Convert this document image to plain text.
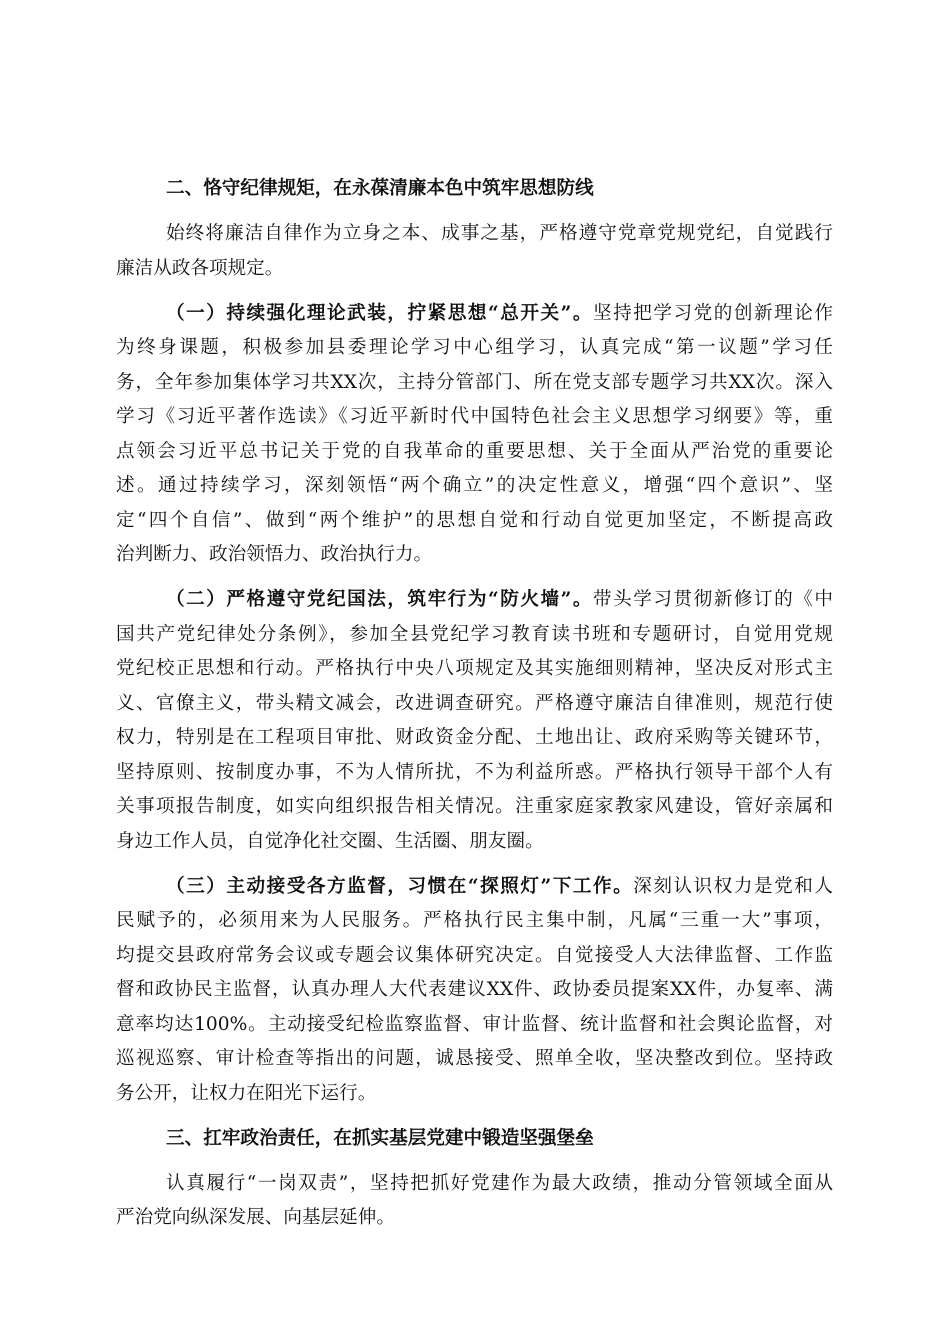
二、恪守纪律规矩，在永葆清廉本色中筑牢思想防线
始终将廉洁自律作为立身之本、成事之基，严格遵守党章党规党纪，自觉践行
廉洁从政各项规定。
（一）持续强化理论武装，拧紧思想“总开关”。坚持把学习党的创新理论作
为终身课题，积极参加县委理论学习中心组学习，认真完成“第一议题”学习任
务，全年参加集体学习共XX次，主持分管部门、所在党支部专题学习共XX次。深入
学习《习近平著作选读》《习近平新时代中国特色社会主义思想学习纲要》等，重
点领会习近平总书记关于党的自我革命的重要思想、关于全面从严治党的重要论
述。通过持续学习，深刻领悟“两个确立”的决定性意义，增强“四个意识”、坚
定“四个自信”、做到“两个维护”的思想自觉和行动自觉更加坚定，不断提高政
治判断力、政治领悟力、政治执行力。
（二）严格遵守党纪国法，筑牢行为“防火墙”。带头学习贯彻新修订的《中
国共产党纪律处分条例》，参加全县党纪学习教育读书班和专题研讨，自觉用党规
党纪校正思想和行动。严格执行中央八项规定及其实施细则精神，坚决反对形式主
义、官僚主义，带头精文减会，改进调查研究。严格遵守廉洁自律准则，规范行使
权力，特别是在工程项目审批、财政资金分配、土地出让、政府采购等关键环节，
坚持原则、按制度办事，不为人情所扰，不为利益所惑。严格执行领导干部个人有
关事项报告制度，如实向组织报告相关情况。注重家庭家教家风建设，管好亲属和
身边工作人员，自觉净化社交圈、生活圈、朋友圈。
（三）主动接受各方监督，习惯在“探照灯”下工作。深刻认识权力是党和人
民赋予的，必须用来为人民服务。严格执行民主集中制，凡属“三重一大”事项，
均提交县政府常务会议或专题会议集体研究决定。自觉接受人大法律监督、工作监
督和政协民主监督，认真办理人大代表建议XX件、政协委员提案XX件，办复率、满
意率均达100%。主动接受纪检监察监督、审计监督、统计监督和社会舆论监督，对
巡视巡察、审计检查等指出的问题，诚恳接受、照单全收，坚决整改到位。坚持政
务公开，让权力在阳光下运行。
三、扛牢政治责任，在抓实基层党建中锻造坚强堡垒
认真履行“一岗双责”，坚持把抓好党建作为最大政绩，推动分管领域全面从
严治党向纵深发展、向基层延伸。
